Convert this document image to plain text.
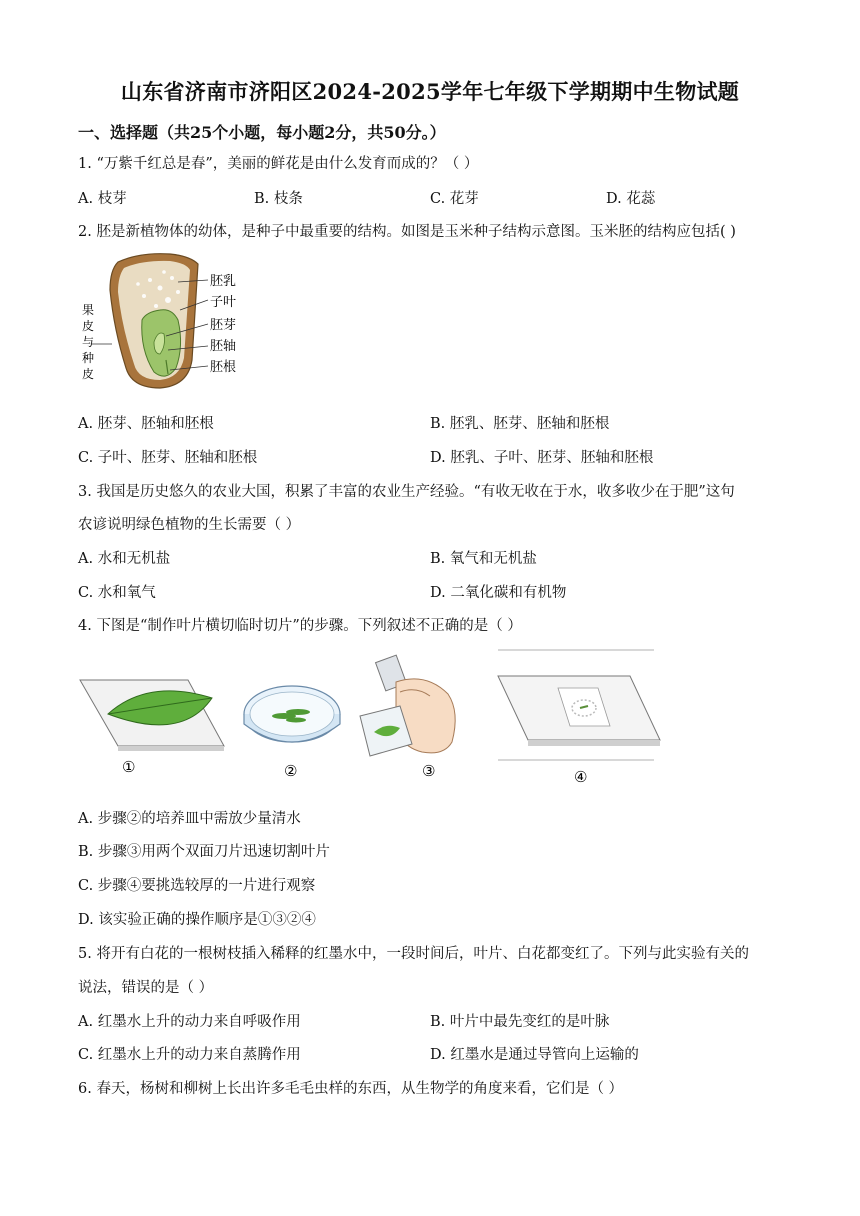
山东省济南市济阳区2024-2025学年七年级下学期期中生物试题
一、选择题（共25个小题，每小题2分，共50分。）
1. “万紫千红总是春”，美丽的鲜花是由什么发育而成的？（ ）
A. 枝芽	B. 枝条	C. 花芽	D. 花蕊
2. 胚是新植物体的幼体，是种子中最重要的结构。如图是玉米种子结构示意图。玉米胚的结构应包括( )
胚乳
子叶
胚芽
胚轴
胚根
果
皮
与
种
皮
A. 胚芽、胚轴和胚根	B. 胚乳、胚芽、胚轴和胚根
C. 子叶、胚芽、胚轴和胚根	D. 胚乳、子叶、胚芽、胚轴和胚根
3. 我国是历史悠久的农业大国，积累了丰富的农业生产经验。“有收无收在于水，收多收少在于肥”这句
农谚说明绿色植物的生长需要（ ）
A. 水和无机盐	B. 氧气和无机盐
C. 水和氧气	D. 二氧化碳和有机物
4. 下图是“制作叶片横切临时切片”的步骤。下列叙述不正确的是（ ）
①	②	③	④
A. 步骤②的培养皿中需放少量清水
B. 步骤③用两个双面刀片迅速切割叶片
C. 步骤④要挑选较厚的一片进行观察
D. 该实验正确的操作顺序是①③②④
5. 将开有白花的一根树枝插入稀释的红墨水中，一段时间后，叶片、白花都变红了。下列与此实验有关的
说法，错误的是（ ）
A. 红墨水上升的动力来自呼吸作用	B. 叶片中最先变红的是叶脉
C. 红墨水上升的动力来自蒸腾作用	D. 红墨水是通过导管向上运输的
6. 春天，杨树和柳树上长出许多毛毛虫样的东西，从生物学的角度来看，它们是（ ）
